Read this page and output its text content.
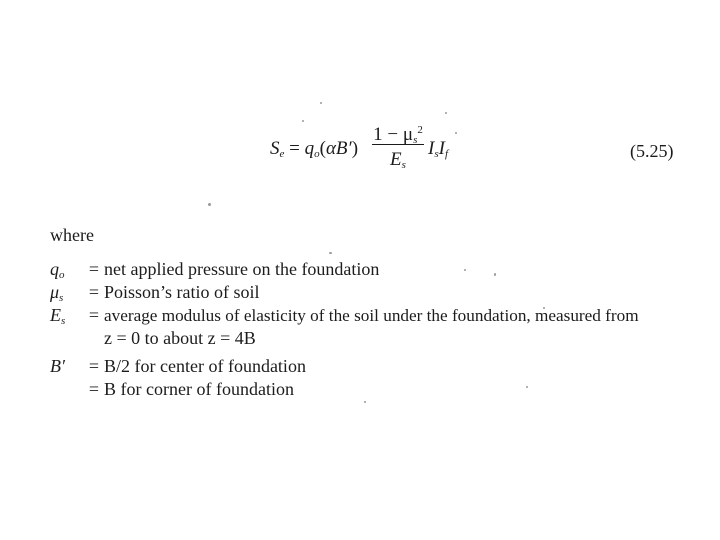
$S_e = q_o(\alpha B')$
$1 - \mu_s^2$
$E_s$
$I_sI_f$	(5.25)
where
$q_o$	= net applied pressure on the foundation
$\mu_s$	= Poisson’s ratio of soil
$E_s$	= average modulus of elasticity of the soil under the foundation, measured from
z = 0 to about z = 4B
B′	= B/2 for center of foundation
= B for corner of foundation
